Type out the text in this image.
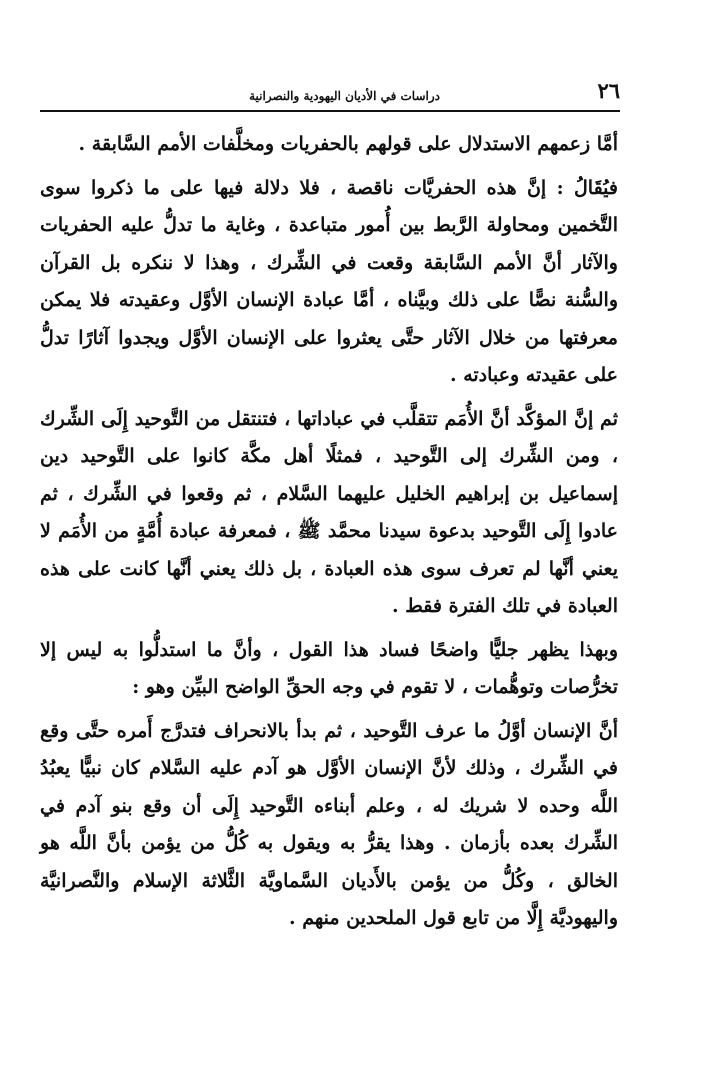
٢٦
دراسات في الأديان اليهودية والنصرانية

أمَّا زعمهم الاستدلال على قولهم بالحفريات ومخلَّفات الأمم السَّابقة .

فيُقَالُ : إنَّ هذه الحفريَّات ناقصة ، فلا دلالة فيها على ما ذكروا سوى التَّخمين ومحاولة الرَّبط بين أُمور متباعدة ، وغاية ما تدلُّ عليه الحفريات والآثار أنَّ الأمم السَّابقة وقعت في الشِّرك ، وهذا لا ننكره بل القرآن والسُّنة نصًّا على ذلك وبيَّناه ، أمَّا عبادة الإنسان الأوَّل وعقيدته فلا يمكن معرفتها من خلال الآثار حتَّى يعثروا على الإنسان الأوَّل ويجدوا آثارًا تدلُّ على عقيدته وعبادته .

ثم إنَّ المؤكَّد أنَّ الأُمَم تتقلَّب في عباداتها ، فتنتقل من التَّوحيد إِلَى الشِّرك ، ومن الشِّرك إلى التَّوحيد ، فمثلًا أهل مكَّة كانوا على التَّوحيد دين إسماعيل بن إبراهيم الخليل عليهما السَّلام ، ثم وقعوا في الشِّرك ، ثم عادوا إِلَى التَّوحيد بدعوة سيدنا محمَّد ﷺ ، فمعرفة عبادة أُمَّةٍ من الأُمَم لا يعني أنَّها لم تعرف سوى هذه العبادة ، بل ذلك يعني أنَّها كانت على هذه العبادة في تلك الفترة فقط .

وبهذا يظهر جليًّا واضحًا فساد هذا القول ، وأنَّ ما استدلُّوا به ليس إلا تخرُّصات وتوهُّمات ، لا تقوم في وجه الحقِّ الواضح البيِّن وهو :

أنَّ الإنسان أوَّلُ ما عرف التَّوحيد ، ثم بدأ بالانحراف فتدرَّج أَمره حتَّى وقع في الشِّرك ، وذلك لأنَّ الإنسان الأوَّل هو آدم عليه السَّلام كان نبيًّا يعبُدُ اللَّه وحده لا شريك له ، وعلم أبناءه التَّوحيد إِلَى أن وقع بنو آدم في الشِّرك بعده بأزمان . وهذا يقرُّ به ويقول به كُلُّ من يؤمن بأنَّ اللَّه هو الخالق ، وكُلُّ من يؤمن بالأَديان السَّماويَّة الثَّلاثة الإسلام والنَّصرانيَّة واليهوديَّة إِلَّا من تابع قول الملحدين منهم .
